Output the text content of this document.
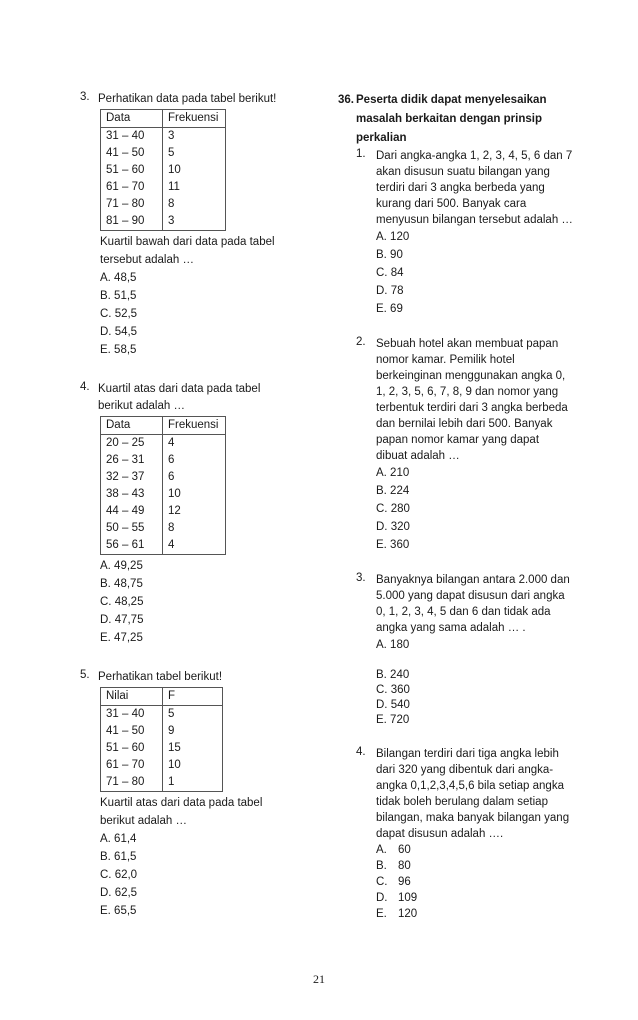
3. Perhatikan data pada tabel berikut!
Data	Frekuensi
31 – 40	3
41 – 50	5
51 – 60	10
61 – 70	11
71 – 80	8
81 – 90	3
Kuartil bawah dari data pada tabel
tersebut adalah …
A. 48,5
B. 51,5
C. 52,5
D. 54,5
E. 58,5
4. Kuartil atas dari data pada tabel
berikut adalah …
Data	Frekuensi
20 – 25	4
26 – 31	6
32 – 37	6
38 – 43	10
44 – 49	12
50 – 55	8
56 – 61	4
A. 49,25
B. 48,75
C. 48,25
D. 47,75
E. 47,25
5. Perhatikan tabel berikut!
Nilai	F
31 – 40	5
41 – 50	9
51 – 60	15
61 – 70	10
71 – 80	1
Kuartil atas dari data pada tabel
berikut adalah …
A. 61,4
B. 61,5
C. 62,0
D. 62,5
E. 65,5
36. Peserta didik dapat menyelesaikan
masalah berkaitan dengan prinsip
perkalian
1. Dari angka-angka 1, 2, 3, 4, 5, 6 dan 7
akan disusun suatu bilangan yang
terdiri dari 3 angka berbeda yang
kurang dari 500. Banyak cara
menyusun bilangan tersebut adalah …
A. 120
B. 90
C. 84
D. 78
E. 69
2. Sebuah hotel akan membuat papan
nomor kamar. Pemilik hotel
berkeinginan menggunakan angka 0,
1, 2, 3, 5, 6, 7, 8, 9 dan nomor yang
terbentuk terdiri dari 3 angka berbeda
dan bernilai lebih dari 500. Banyak
papan nomor kamar yang dapat
dibuat adalah …
A. 210
B. 224
C. 280
D. 320
E. 360
3. Banyaknya bilangan antara 2.000 dan
5.000 yang dapat disusun dari angka
0, 1, 2, 3, 4, 5 dan 6 dan tidak ada
angka yang sama adalah … .
A. 180
B. 240
C. 360
D. 540
E. 720
4. Bilangan terdiri dari tiga angka lebih
dari 320 yang dibentuk dari angka-
angka 0,1,2,3,4,5,6 bila setiap angka
tidak boleh berulang dalam setiap
bilangan, maka banyak bilangan yang
dapat disusun adalah ….
A. 60
B. 80
C. 96
D. 109
E. 120
21
